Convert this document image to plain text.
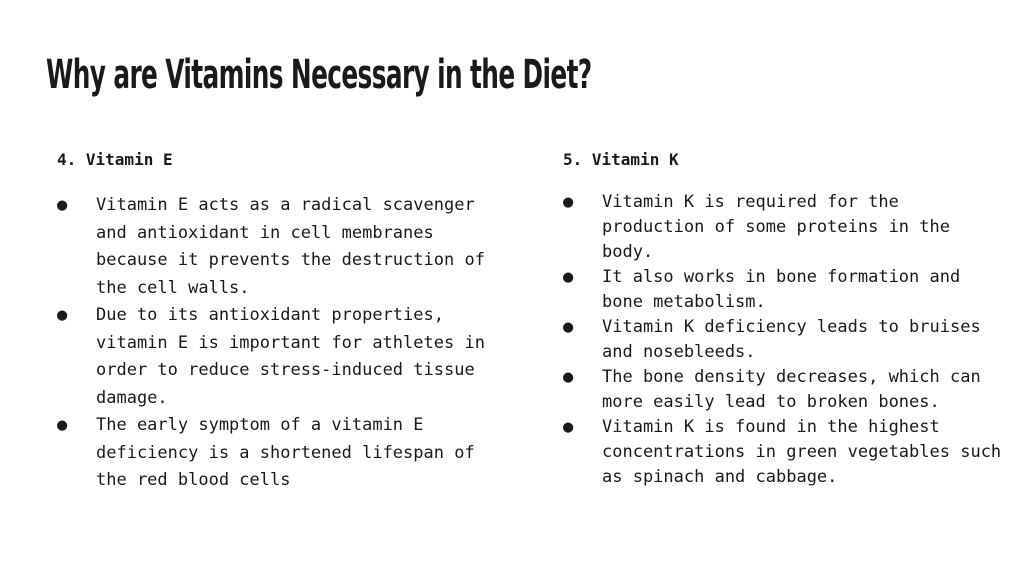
Why are Vitamins Necessary in the Diet?

4. Vitamin E

● Vitamin E acts as a radical scavenger and antioxidant in cell membranes because it prevents the destruction of the cell walls.
● Due to its antioxidant properties, vitamin E is important for athletes in order to reduce stress-induced tissue damage.
● The early symptom of a vitamin E deficiency is a shortened lifespan of the red blood cells

5. Vitamin K

● Vitamin K is required for the production of some proteins in the body.
● It also works in bone formation and bone metabolism.
● Vitamin K deficiency leads to bruises and nosebleeds.
● The bone density decreases, which can more easily lead to broken bones.
● Vitamin K is found in the highest concentrations in green vegetables such as spinach and cabbage.
